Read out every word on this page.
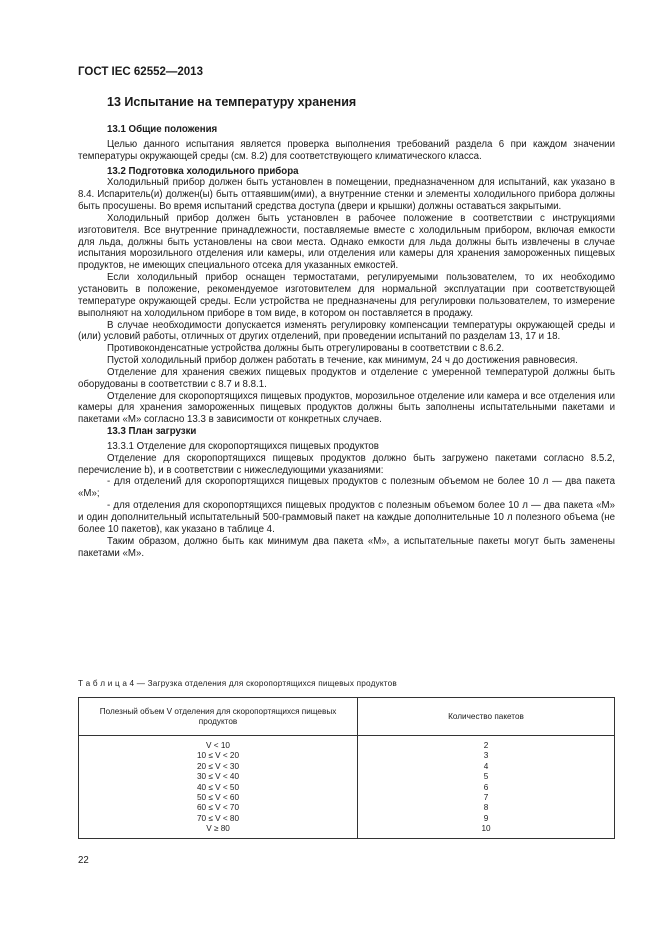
ГОСТ IEC 62552—2013
13 Испытание на температуру хранения
13.1 Общие положения

Целью данного испытания является проверка выполнения требований раздела 6 при каждом значении температуры окружающей среды (см. 8.2) для соответствующего климатического класса.

13.2 Подготовка холодильного прибора

Холодильный прибор должен быть установлен в помещении, предназначенном для испытаний, как указано в 8.4. Испаритель(и) должен(ы) быть оттаявшим(ими), а внутренние стенки и элементы холодильного прибора должны быть просушены. Во время испытаний средства доступа (двери и крышки) должны оставаться закрытыми.

Холодильный прибор должен быть установлен в рабочее положение в соответствии с инструкциями изготовителя. Все внутренние принадлежности, поставляемые вместе с холодильным прибором, включая емкости для льда, должны быть установлены на свои места. Однако емкости для льда должны быть извлечены в случае испытания морозильного отделения или камеры, или отделения или камеры для хранения замороженных пищевых продуктов, не имеющих специального отсека для указанных емкостей.

Если холодильный прибор оснащен термостатами, регулируемыми пользователем, то их необходимо установить в положение, рекомендуемое изготовителем для нормальной эксплуатации при соответствующей температуре окружающей среды. Если устройства не предназначены для регулировки пользователем, то измерение выполняют на холодильном приборе в том виде, в котором он поставляется в продажу.

В случае необходимости допускается изменять регулировку компенсации температуры окружающей среды и (или) условий работы, отличных от других отделений, при проведении испытаний по разделам 13, 17 и 18.

Противоконденсатные устройства должны быть отрегулированы в соответствии с 8.6.2.

Пустой холодильный прибор должен работать в течение, как минимум, 24 ч до достижения равновесия.

Отделение для хранения свежих пищевых продуктов и отделение с умеренной температурой должны быть оборудованы в соответствии с 8.7 и 8.8.1.

Отделение для скоропортящихся пищевых продуктов, морозильное отделение или камера и все отделения или камеры для хранения замороженных пищевых продуктов должны быть заполнены испытательными пакетами и пакетами «М» согласно 13.3 в зависимости от конкретных случаев.

13.3 План загрузки
13.3.1 Отделение для скоропортящихся пищевых продуктов

Отделение для скоропортящихся пищевых продуктов должно быть загружено пакетами согласно 8.5.2, перечисление b), и в соответствии с нижеследующими указаниями:

- для отделений для скоропортящихся пищевых продуктов с полезным объемом не более 10 л — два пакета «М»;

- для отделения для скоропортящихся пищевых продуктов с полезным объемом более 10 л — два пакета «М» и один дополнительный испытательный 500-граммовый пакет на каждые дополнительные 10 л полезного объема (не более 10 пакетов), как указано в таблице 4.

Таким образом, должно быть как минимум два пакета «М», а испытательные пакеты могут быть заменены пакетами «М».

Т а б л и ц а 4 — Загрузка отделения для скоропортящихся пищевых продуктов
Полезный объем V отделения для скоропортящихся пищевых продуктов	Количество пакетов
V < 10	2
10 ≤ V < 20	3
20 ≤ V < 30	4
30 ≤ V < 40	5
40 ≤ V < 50	6
50 ≤ V < 60	7
60 ≤ V < 70	8
70 ≤ V < 80	9
V ≥ 80	10
22
